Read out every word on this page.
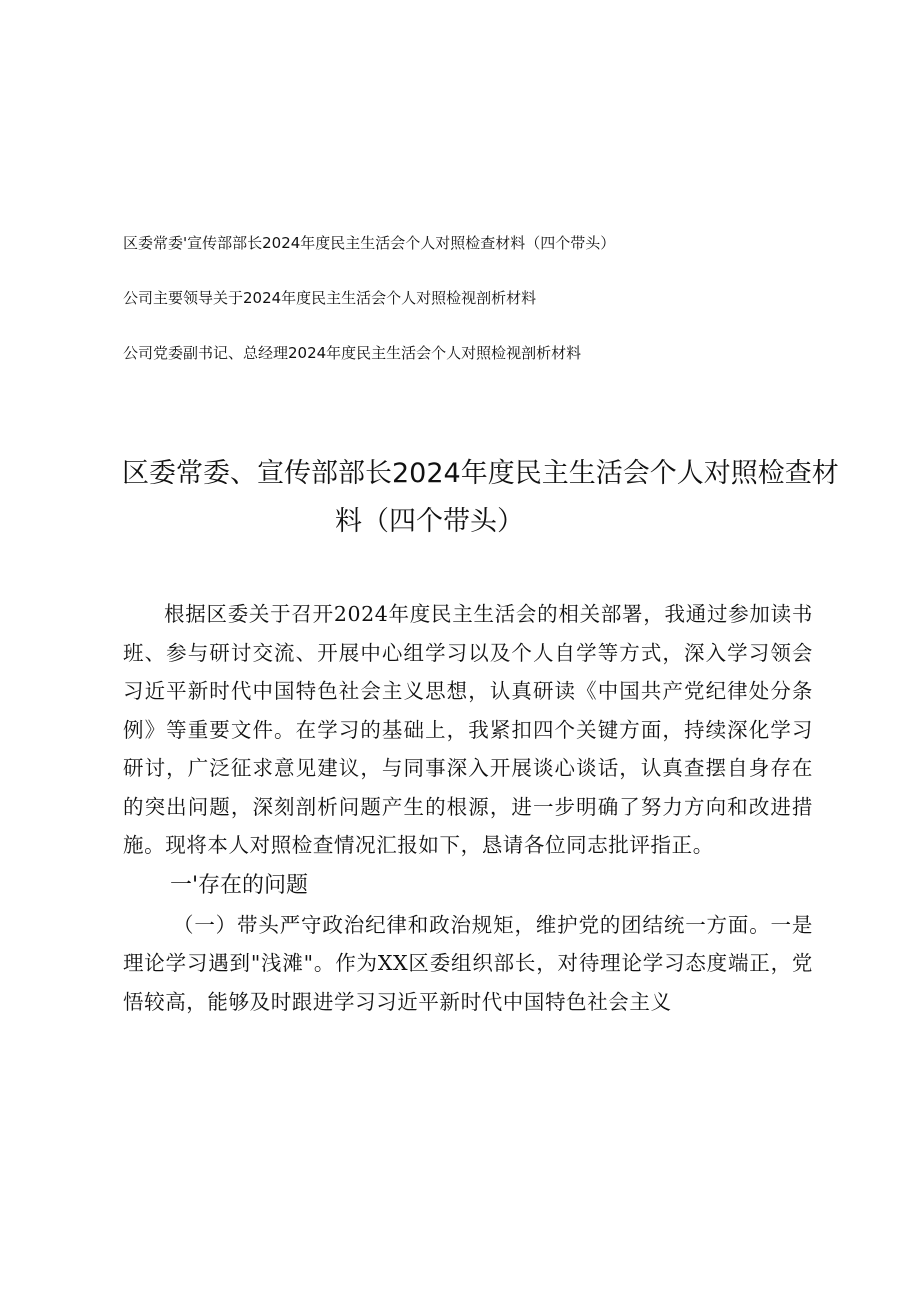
区委常委'宣传部部长2024年度民主生活会个人对照检查材料（四个带头）
公司主要领导关于2024年度民主生活会个人对照检视剖析材料
公司党委副书记、总经理2024年度民主生活会个人对照检视剖析材料
区委常委、宣传部部长2024年度民主生活会个人对照检查材
料（四个带头）

根据区委关于召开2024年度民主生活会的相关部署，我通过参加读书班、参与研讨交流、开展中心组学习以及个人自学等方式，深入学习领会习近平新时代中国特色社会主义思想，认真研读《中国共产党纪律处分条例》等重要文件。在学习的基础上，我紧扣四个关键方面，持续深化学习研讨，广泛征求意见建议，与同事深入开展谈心谈话，认真查摆自身存在的突出问题，深刻剖析问题产生的根源，进一步明确了努力方向和改进措施。现将本人对照检查情况汇报如下，恳请各位同志批评指正。

一'存在的问题

（一）带头严守政治纪律和政治规矩，维护党的团结统一方面。一是理论学习遇到"浅滩"。作为XX区委组织部长，对待理论学习态度端正，党悟较高，能够及时跟进学习习近平新时代中国特色社会主义
